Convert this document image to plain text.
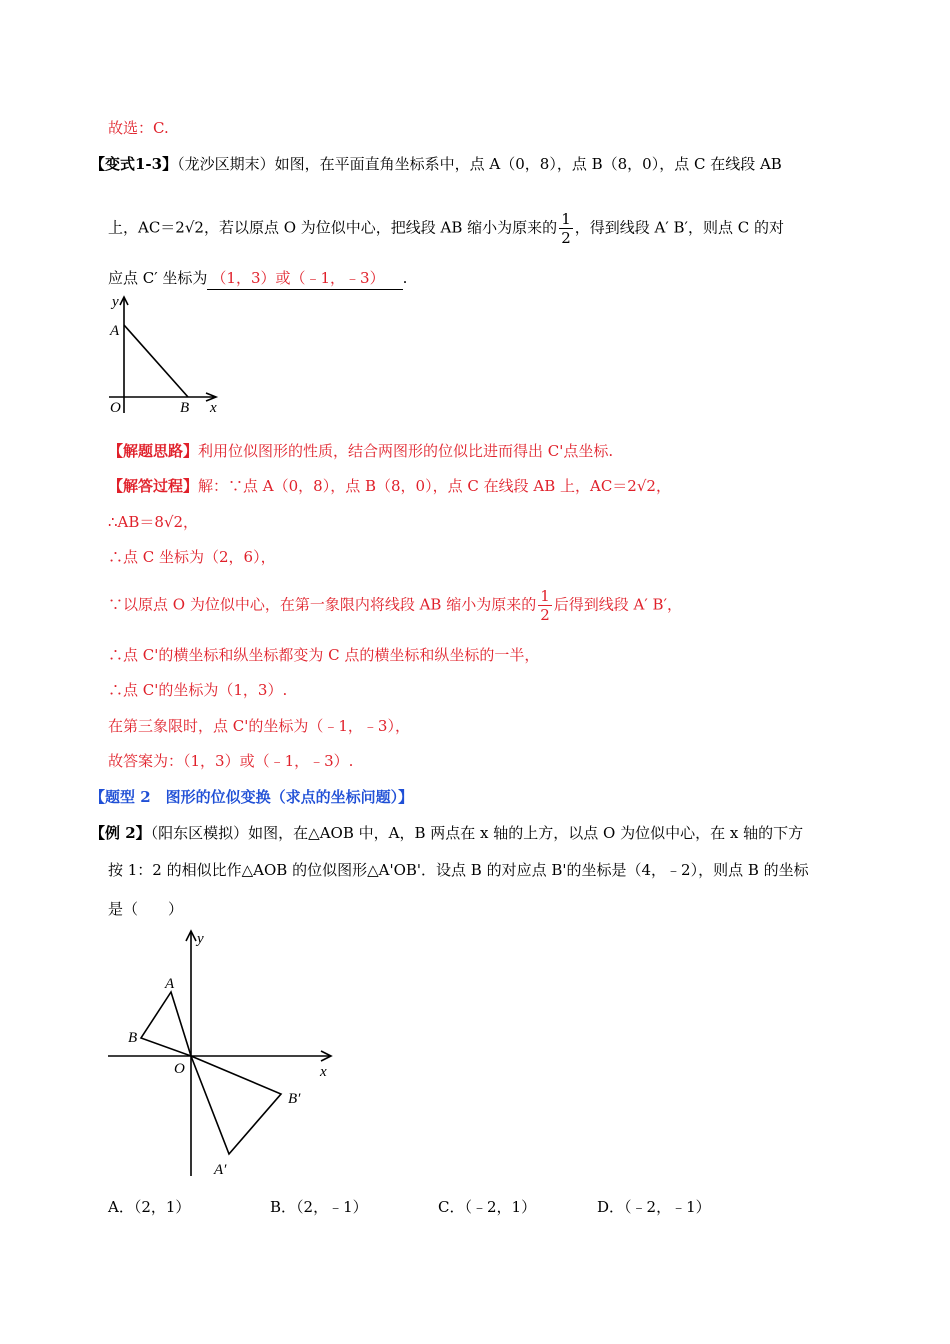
故选：C.
【变式1-3】（龙沙区期末）如图，在平面直角坐标系中，点 A（0，8），点 B（8，0），点 C 在线段 AB
上，AC＝2√2，若以原点 O 为位似中心，把线段 AB 缩小为原来的 $\frac{1}{2}$ ，得到线段 A′ B′，则点 C 的对
应点 C′ 坐标为 （1，3）或（﹣1，﹣3） .
y
A
O	B x
【解题思路】利用位似图形的性质，结合两图形的位似比进而得出 C'点坐标.
【解答过程】解：∵点 A（0，8），点 B（8，0），点 C 在线段 AB 上，AC＝2√2，
∴AB＝8√2，
∴点 C 坐标为（2，6），
∵以原点 O 为位似中心，在第一象限内将线段 AB 缩小为原来的 $\frac{1}{2}$ 后得到线段 A′ B′，
∴点 C'的横坐标和纵坐标都变为 C 点的横坐标和纵坐标的一半，
∴点 C'的坐标为（1，3）.
在第三象限时，点 C'的坐标为（﹣1，﹣3），
故答案为：（1，3）或（﹣1，﹣3）.
【题型 2　图形的位似变换（求点的坐标问题）】
【例 2】（阳东区模拟）如图，在△AOB 中，A，B 两点在 x 轴的上方，以点 O 为位似中心，在 x 轴的下方
按 1：2 的相似比作△AOB 的位似图形△A'OB'．设点 B 的对应点 B'的坐标是（4，﹣2），则点 B 的坐标
是（　　）
y
A
B
O	x
B′
A′
A．（2，1）	B．（2，﹣1）	C．（﹣2，1）	D．（﹣2，﹣1）
